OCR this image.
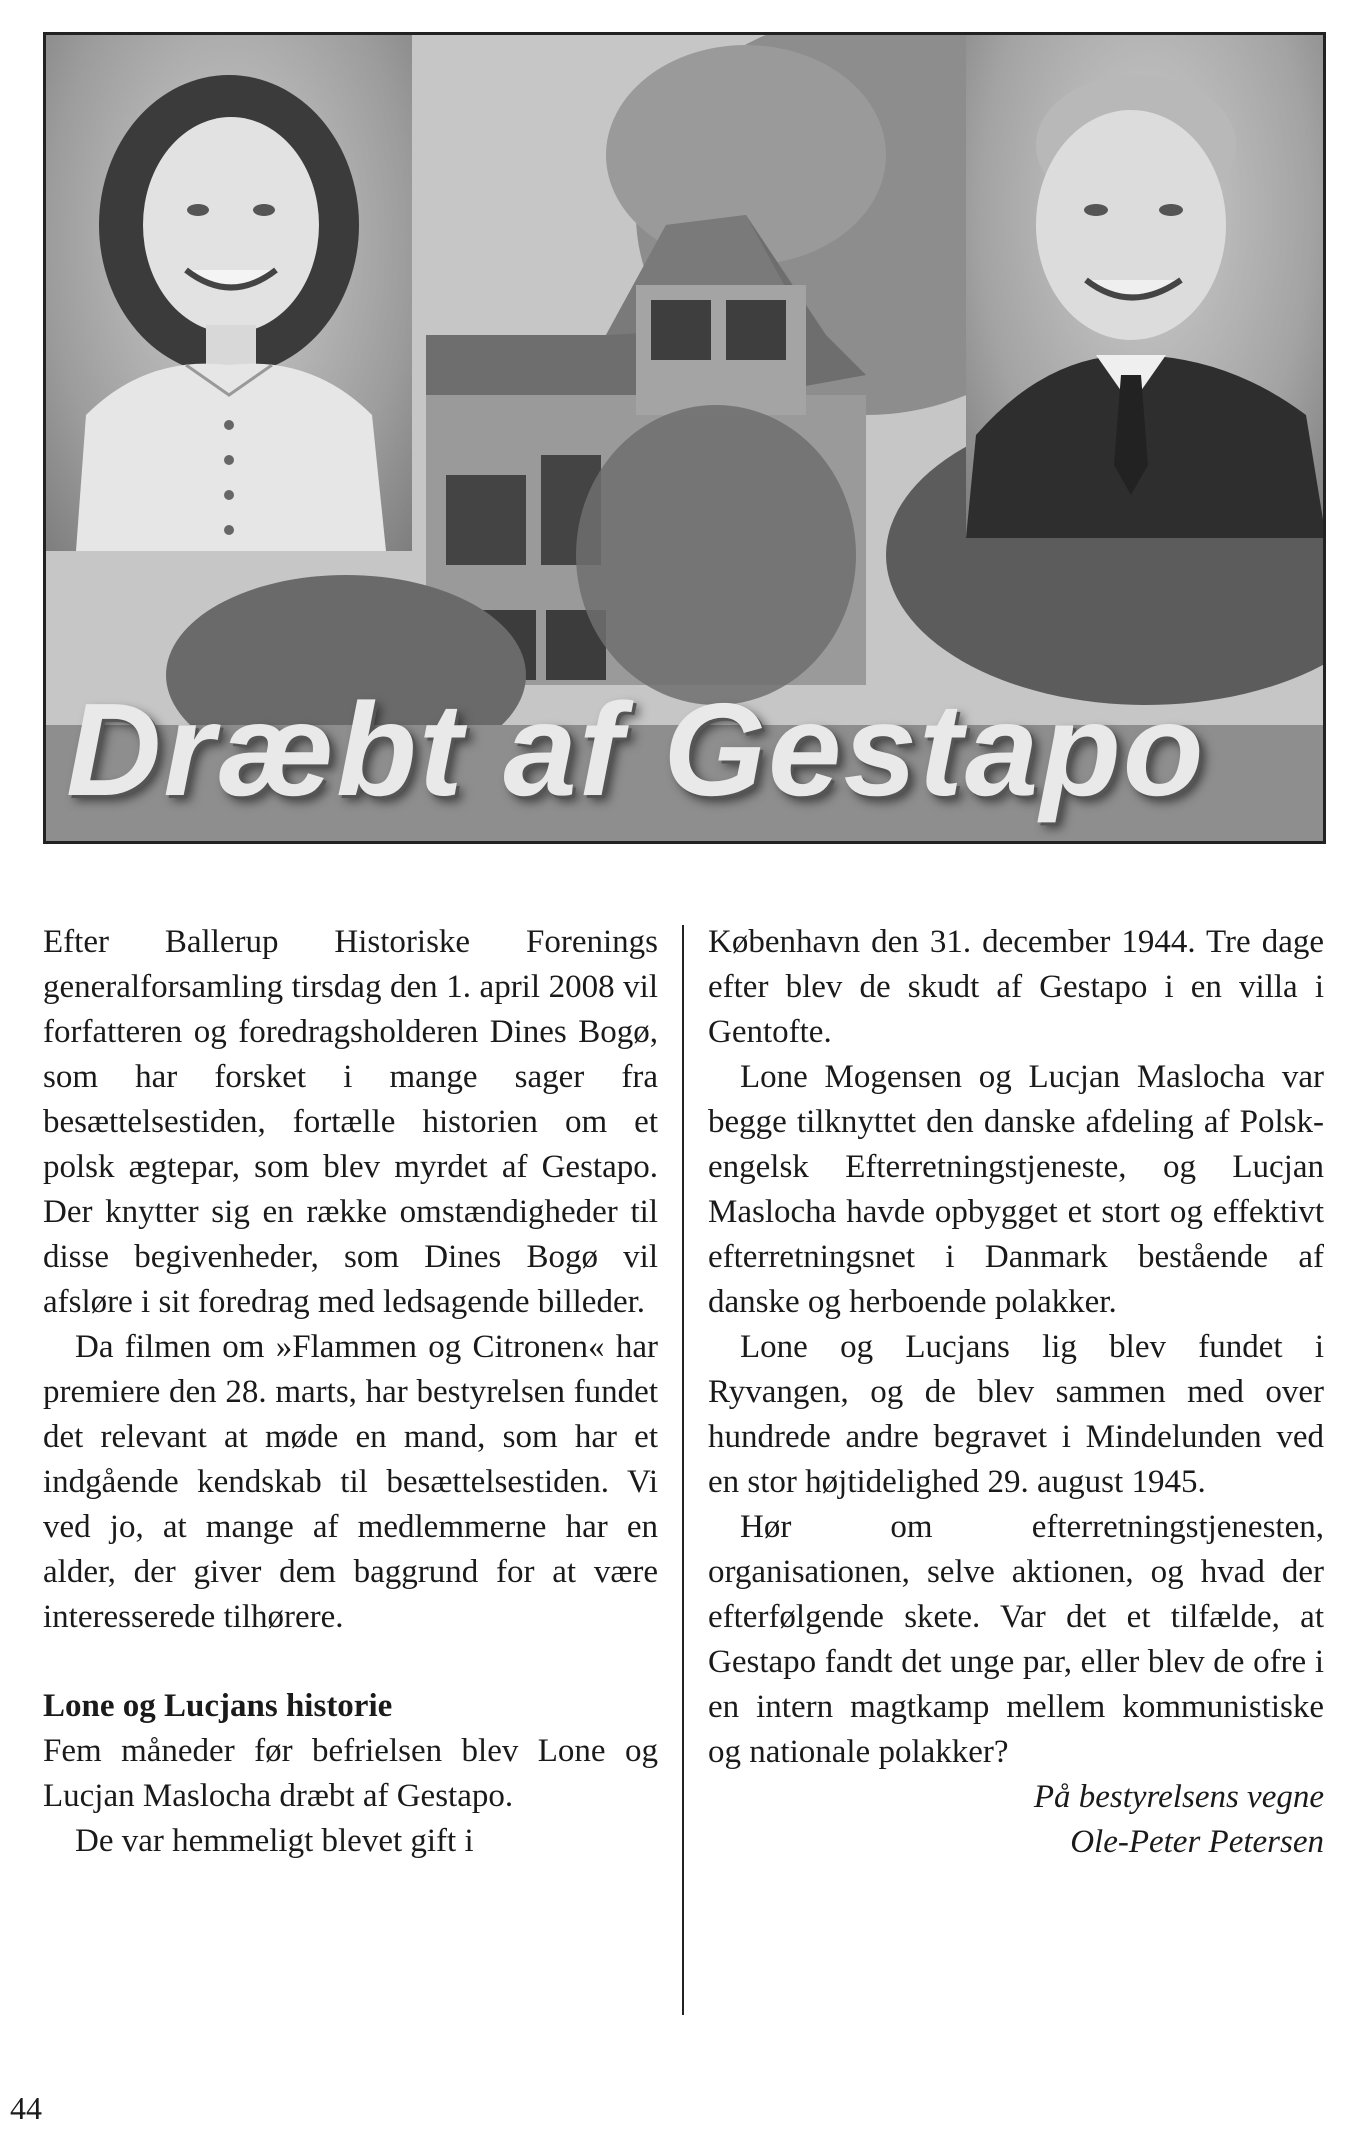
Dræbt af Gestapo

Efter Ballerup Historiske Forenings generalforsamling tirsdag den 1. april 2008 vil forfatteren og foredragsholderen Dines Bogø, som har forsket i mange sager fra besættelsestiden, fortælle historien om et polsk ægtepar, som blev myrdet af Gestapo. Der knytter sig en række omstændigheder til disse begivenheder, som Dines Bogø vil afsløre i sit foredrag med ledsagende billeder.

Da filmen om »Flammen og Citronen« har premiere den 28. marts, har bestyrelsen fundet det relevant at møde en mand, som har et indgående kendskab til besættelsestiden. Vi ved jo, at mange af medlemmerne har en alder, der giver dem baggrund for at være interesserede tilhørere.

Lone og Lucjans historie

Fem måneder før befrielsen blev Lone og Lucjan Maslocha dræbt af Gestapo.

De var hemmeligt blevet gift i

København den 31. december 1944. Tre dage efter blev de skudt af Gestapo i en villa i Gentofte.

Lone Mogensen og Lucjan Maslocha var begge tilknyttet den danske afdeling af Polsk-engelsk Efterretningstjeneste, og Lucjan Maslocha havde opbygget et stort og effektivt efterretningsnet i Danmark bestående af danske og herboende polakker.

Lone og Lucjans lig blev fundet i Ryvangen, og de blev sammen med over hundrede andre begravet i Mindelunden ved en stor højtidelighed 29. august 1945.

Hør om efterretningstjenesten, organisationen, selve aktionen, og hvad der efterfølgende skete. Var det et tilfælde, at Gestapo fandt det unge par, eller blev de ofre i en intern magtkamp mellem kommunistiske og nationale polakker?

På bestyrelsens vegne

Ole-Peter Petersen

44
